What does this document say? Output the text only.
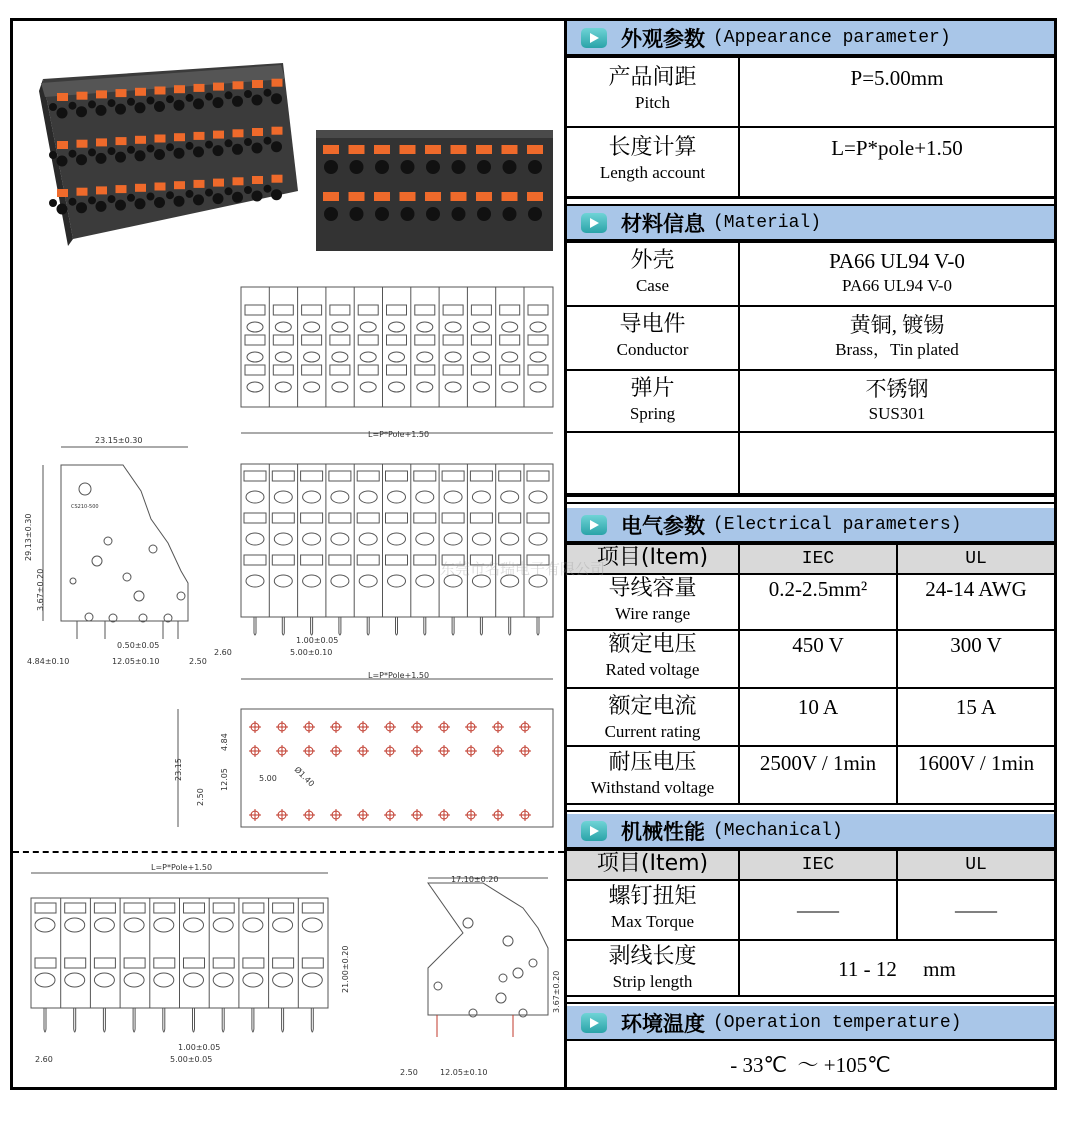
L=P*Pole+1.50
1.00±0.05
5.00±0.10
2.60
23.15±0.30
29.13±0.30
3.67±0.20
0.50±0.05
4.84±0.10	12.05±0.10	2.50
CS210-500
L=P*Pole+1.50
23.15
4.84
12.05
2.50
5.00 Ø1.40
L=P*Pole+1.50
17.10±0.20
21.00±0.20	3.67±0.20
1.00±0.05
5.00±0.05
2.60
2.50	12.05±0.10
外观参数 (Appearance parameter)
产品间距
Pitch	P=5.00mm

长度计算
Length account	L=P*pole+1.50
材料信息 (Material)
外壳
Case	PA66 UL94 V-0
PA66 UL94 V-0

导电件
Conductor	黄铜, 镀锡
Brass，Tin plated

弹片
Spring	不锈钢
SUS301

电气参数 (Electrical parameters)
项目(Item)	IEC	UL

导线容量
Wire range	0.2-2.5mm²	24-14 AWG

额定电压
Rated voltage	450 V	300 V

额定电流
Current rating	10 A	15 A

耐压电压
Withstand voltage	2500V / 1min	1600V / 1min
机械性能 (Mechanical)
项目(Item)	IEC	UL

螺钉扭矩
Max Torque	——	——

剥线长度
Strip length	11 - 12     mm	
环境温度 (Operation temperature)
- 33℃  ～ +105℃
东莞市名瑞电子有限公司
